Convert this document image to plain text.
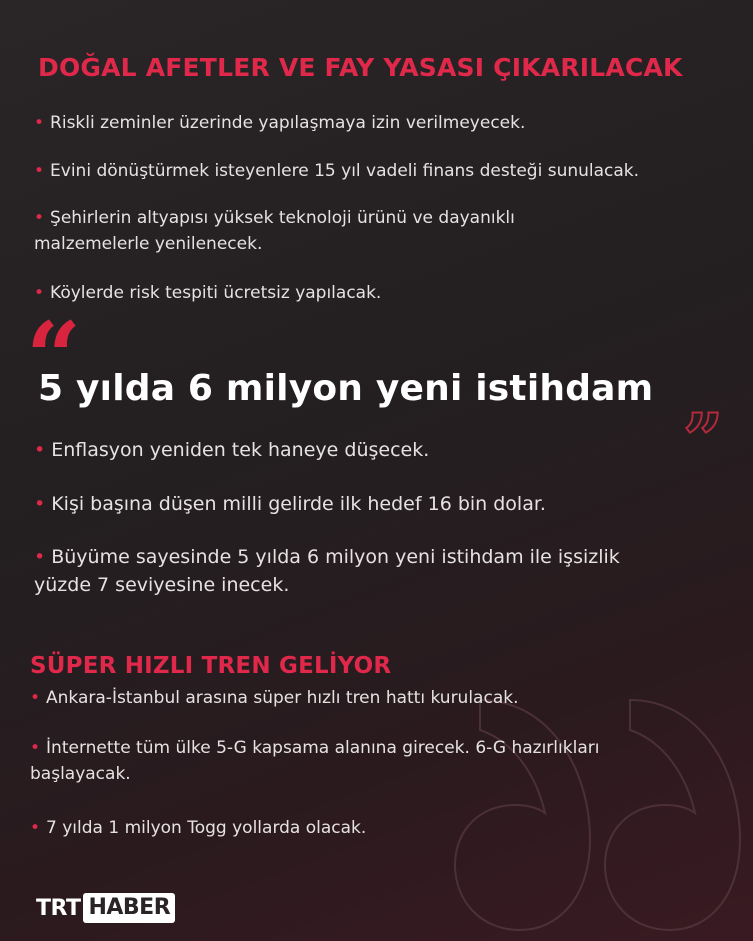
DOĞAL AFETLER VE FAY YASASI ÇIKARILACAK
• Riskli zeminler üzerinde yapılaşmaya izin verilmeyecek.
• Evini dönüştürmek isteyenlere 15 yıl vadeli finans desteği sunulacak.
• Şehirlerin altyapısı yüksek teknoloji ürünü ve dayanıklı
malzemelerle yenilenecek.
• Köylerde risk tespiti ücretsiz yapılacak.
“
5 yılda 6 milyon yeni istihdam
”
• Enflasyon yeniden tek haneye düşecek.
• Kişi başına düşen milli gelirde ilk hedef 16 bin dolar.
• Büyüme sayesinde 5 yılda 6 milyon yeni istihdam ile işsizlik
yüzde 7 seviyesine inecek.
SÜPER HIZLI TREN GELİYOR
• Ankara-İstanbul arasına süper hızlı tren hattı kurulacak.
• İnternette tüm ülke 5-G kapsama alanına girecek. 6-G hazırlıkları
başlayacak.
• 7 yılda 1 milyon Togg yollarda olacak.
TRT HABER
